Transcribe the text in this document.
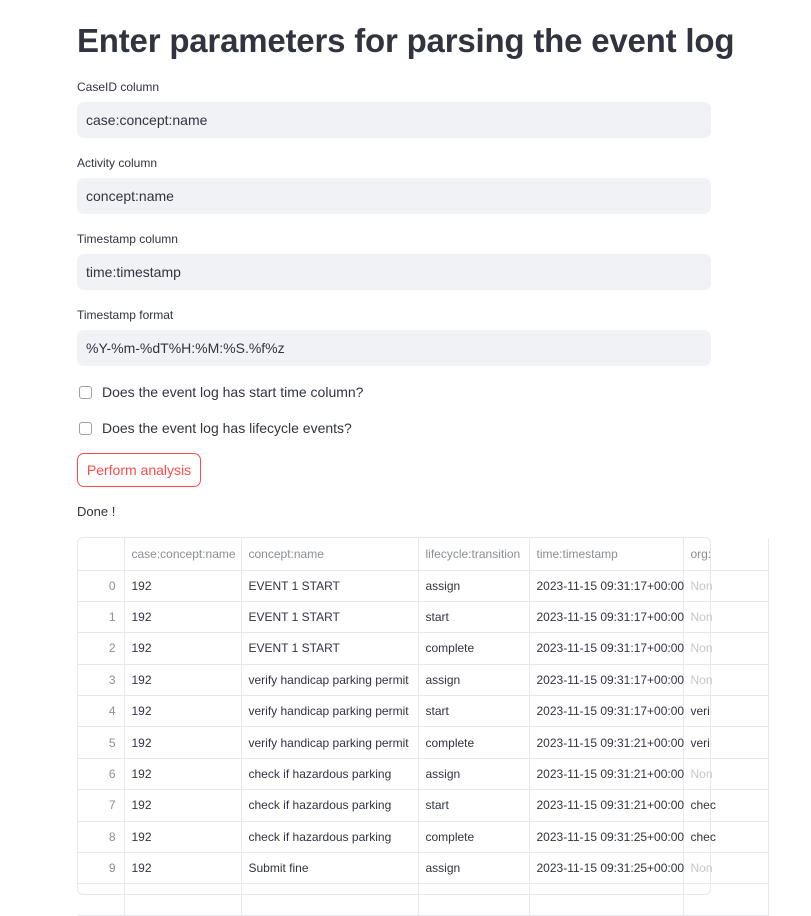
Enter parameters for parsing the event log
CaseID column
case:concept:name
Activity column
concept:name
Timestamp column
time:timestamp
Timestamp format
%Y-%m-%dT%H:%M:%S.%f%z
Does the event log has start time column?
Does the event log has lifecycle events?
Perform analysis
Done !
	case:concept:name	concept:name	lifecycle:transition	time:timestamp	org:
0	192	EVENT 1 START	assign	2023-11-15 09:31:17+00:00	Non
1	192	EVENT 1 START	start	2023-11-15 09:31:17+00:00	Non
2	192	EVENT 1 START	complete	2023-11-15 09:31:17+00:00	Non
3	192	verify handicap parking permit	assign	2023-11-15 09:31:17+00:00	Non
4	192	verify handicap parking permit	start	2023-11-15 09:31:17+00:00	veri
5	192	verify handicap parking permit	complete	2023-11-15 09:31:21+00:00	veri
6	192	check if hazardous parking	assign	2023-11-15 09:31:21+00:00	Non
7	192	check if hazardous parking	start	2023-11-15 09:31:21+00:00	chec
8	192	check if hazardous parking	complete	2023-11-15 09:31:25+00:00	chec
9	192	Submit fine	assign	2023-11-15 09:31:25+00:00	Non
